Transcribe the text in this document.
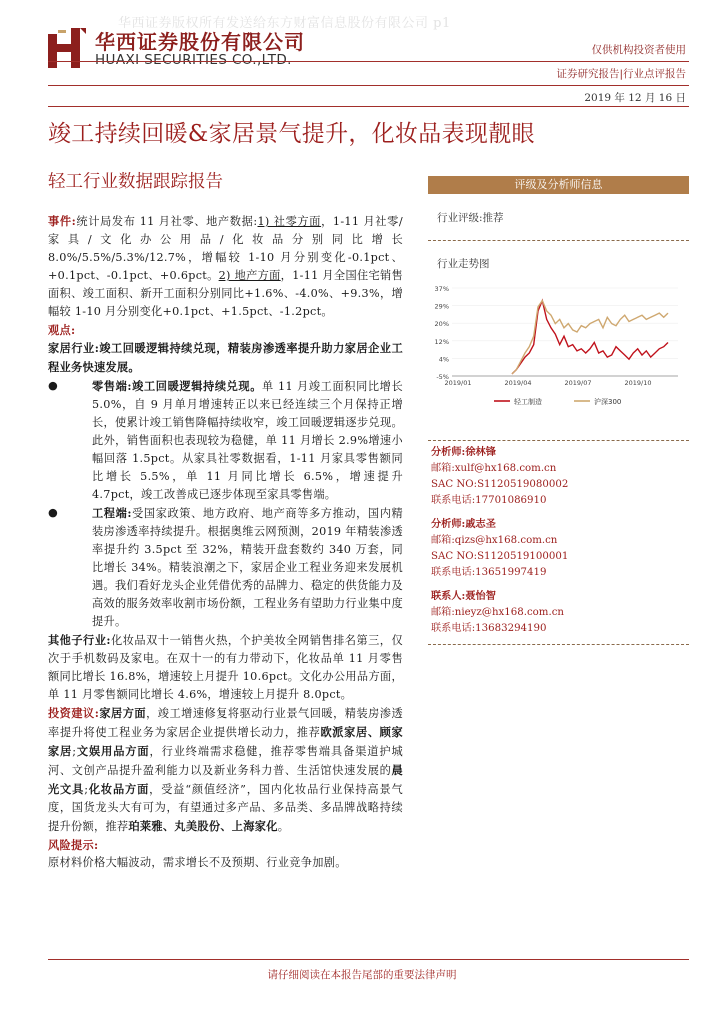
华西证券版权所有发送给东方财富信息股份有限公司 p1
华西证券股份有限公司
HUAXI SECURITIES CO.,LTD.
仅供机构投资者使用
证券研究报告|行业点评报告
2019 年 12 月 16 日
竣工持续回暖&家居景气提升，化妆品表现靓眼
轻工行业数据跟踪报告

事件:统计局发布 11 月社零、地产数据:1) 社零方面，1-11 月社零/家具/文化办公用品/化妆品分别同比增长 8.0%/5.5%/5.3%/12.7%，增幅较 1-10 月分别变化-0.1pct、+0.1pct、-0.1pct、+0.6pct。2) 地产方面，1-11 月全国住宅销售面积、竣工面积、新开工面积分别同比+1.6%、-4.0%、+9.3%，增幅较 1-10 月分别变化+0.1pct、+1.5pct、-1.2pct。

观点:

家居行业:竣工回暖逻辑持续兑现，精装房渗透率提升助力家居企业工程业务快速发展。

●	零售端:竣工回暖逻辑持续兑现。单 11 月竣工面积同比增长 5.0%，自 9 月单月增速转正以来已经连续三个月保持正增长，使累计竣工销售降幅持续收窄，竣工回暖逻辑逐步兑现。此外，销售面积也表现较为稳健，单 11 月增长 2.9%增速小幅回落 1.5pct。从家具社零数据看，1-11 月家具零售额同比增长 5.5%，单 11 月同比增长 6.5%，增速提升 4.7pct，竣工改善成已逐步体现至家具零售端。

●	工程端:受国家政策、地方政府、地产商等多方推动，国内精装房渗透率持续提升。根据奥维云网预测，2019 年精装渗透率提升约 3.5pct 至 32%，精装开盘套数约 340 万套，同比增长 34%。精装浪潮之下，家居企业工程业务迎来发展机遇。我们看好龙头企业凭借优秀的品牌力、稳定的供货能力及高效的服务效率收割市场份额，工程业务有望助力行业集中度提升。

其他子行业:化妆品双十一销售火热，个护美妆全网销售排名第三，仅次于手机数码及家电。在双十一的有力带动下，化妆品单 11 月零售额同比增长 16.8%，增速较上月提升 10.6pct。文化办公用品方面，单 11 月零售额同比增长 4.6%，增速较上月提升 8.0pct。

投资建议:家居方面，竣工增速修复将驱动行业景气回暖，精装房渗透率提升将使工程业务为家居企业提供增长动力，推荐欧派家居、顾家家居;文娱用品方面，行业终端需求稳健，推荐零售端具备渠道护城河、文创产品提升盈利能力以及新业务科力普、生活馆快速发展的晨光文具;化妆品方面，受益“颜值经济”，国内化妆品行业保持高景气度，国货龙头大有可为，有望通过多产品、多品类、多品牌战略持续提升份额，推荐珀莱雅、丸美股份、上海家化。

风险提示:

原材料价格大幅波动，需求增长不及预期、行业竞争加剧。

评级及分析师信息
行业评级:推荐
行业走势图
37%
29%
20%
12%
4%
-5%
2019/01	2019/04	2019/07	2019/10
轻工制造	沪深300
分析师:徐林锋
邮箱:xulf@hx168.com.cn
SAC NO:S1120519080002
联系电话:17701086910
分析师:戚志圣
邮箱:qizs@hx168.com.cn
SAC NO:S1120519100001
联系电话:13651997419
联系人:聂怡智
邮箱:nieyz@hx168.com.cn
联系电话:13683294190
请仔细阅读在本报告尾部的重要法律声明
